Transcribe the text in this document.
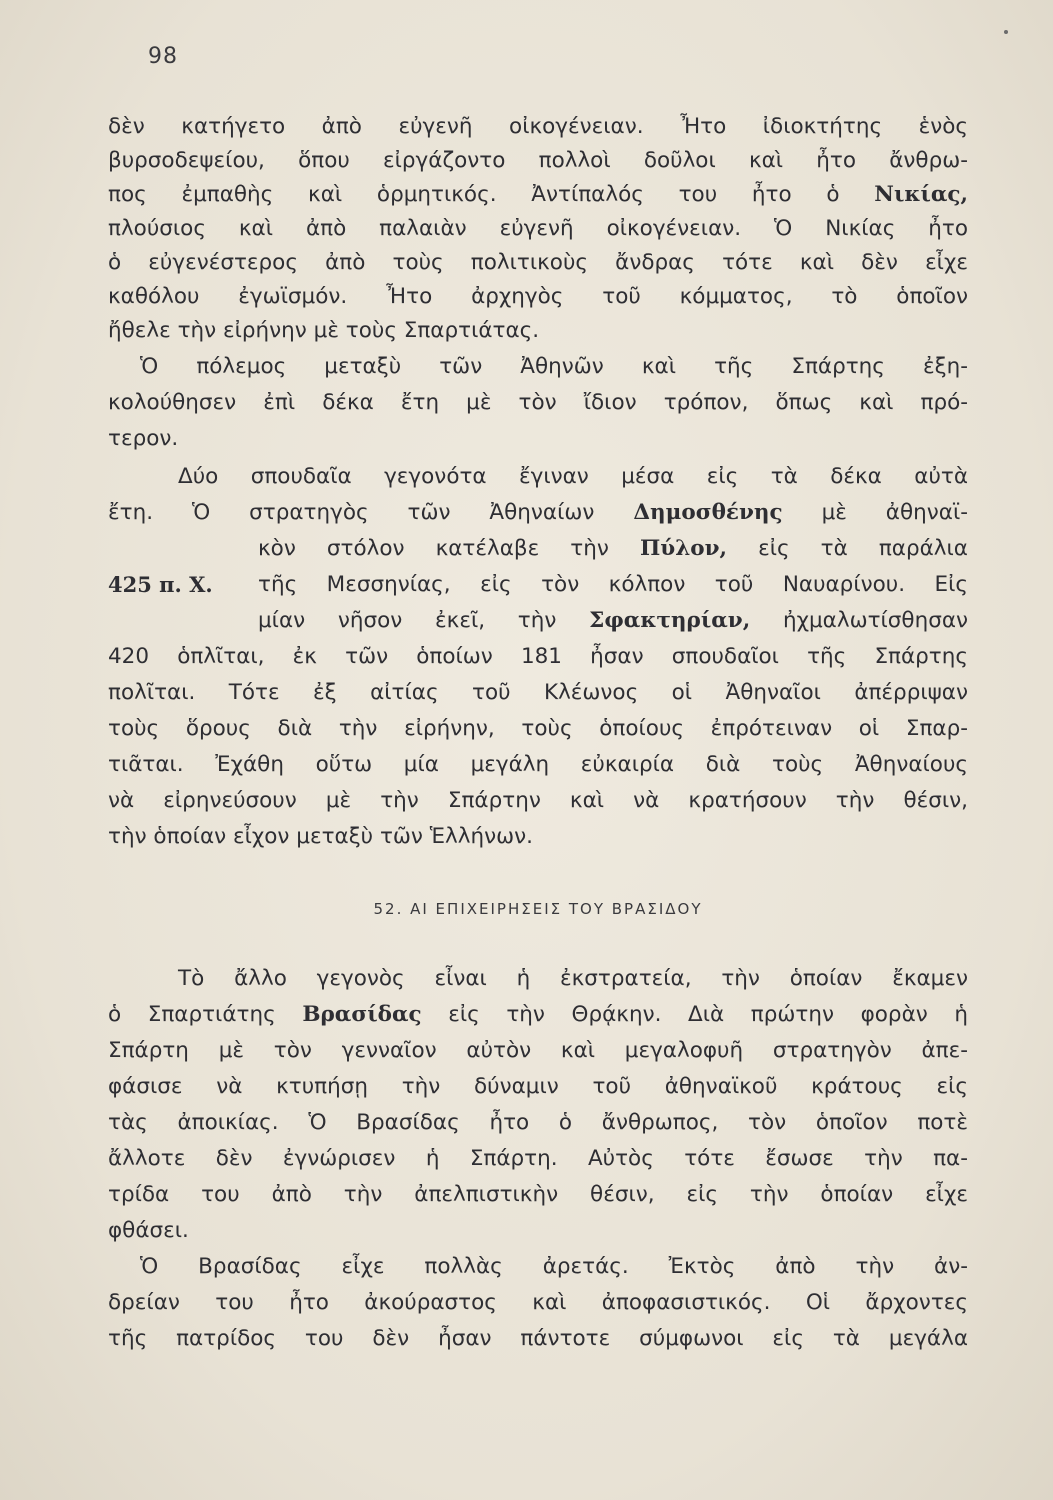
98
δὲν κατήγετο ἀπὸ εὐγενῆ οἰκογένειαν. Ἦτο ἰδιοκτήτης ἑνὸς
βυρσοδεψείου, ὅπου εἰργάζοντο πολλοὶ δοῦλοι καὶ ἦτο ἄνθρω-
πος ἐμπαθὴς καὶ ὁρμητικός. Ἀντίπαλός του ἦτο ὁ Νικίας,
πλούσιος καὶ ἀπὸ παλαιὰν εὐγενῆ οἰκογένειαν. Ὁ Νικίας ἦτο
ὁ εὐγενέστερος ἀπὸ τοὺς πολιτικοὺς ἄνδρας τότε καὶ δὲν εἶχε
καθόλου ἐγωϊσμόν. Ἦτο ἀρχηγὸς τοῦ κόμματος, τὸ ὁποῖον
ἤθελε τὴν εἰρήνην μὲ τοὺς Σπαρτιάτας.
Ὁ πόλεμος μεταξὺ τῶν Ἀθηνῶν καὶ τῆς Σπάρτης ἐξη-
κολούθησεν ἐπὶ δέκα ἔτη μὲ τὸν ἴδιον τρόπον, ὅπως καὶ πρό-
τερον.
Δύο σπουδαῖα γεγονότα ἔγιναν μέσα εἰς τὰ δέκα αὐτὰ
ἔτη. Ὁ στρατηγὸς τῶν Ἀθηναίων Δημοσθένης μὲ ἀθηναϊ-
κὸν στόλον κατέλαβε τὴν Πύλον, εἰς τὰ παράλια
425 π. Χ. τῆς Μεσσηνίας, εἰς τὸν κόλπον τοῦ Ναυαρίνου. Εἰς
μίαν νῆσον ἐκεῖ, τὴν Σφακτηρίαν, ἠχμαλωτίσθησαν
420 ὁπλῖται, ἐκ τῶν ὁποίων 181 ἦσαν σπουδαῖοι τῆς Σπάρτης
πολῖται. Τότε ἐξ αἰτίας τοῦ Κλέωνος οἱ Ἀθηναῖοι ἀπέρριψαν
τοὺς ὅρους διὰ τὴν εἰρήνην, τοὺς ὁποίους ἐπρότειναν οἱ Σπαρ-
τιᾶται. Ἐχάθη οὕτω μία μεγάλη εὐκαιρία διὰ τοὺς Ἀθηναίους
νὰ εἰρηνεύσουν μὲ τὴν Σπάρτην καὶ νὰ κρατήσουν τὴν θέσιν,
τὴν ὁποίαν εἶχον μεταξὺ τῶν Ἑλλήνων.
52. ΑΙ ΕΠΙΧΕΙΡΗΣΕΙΣ ΤΟΥ ΒΡΑΣΙΔΟΥ
Τὸ ἄλλο γεγονὸς εἶναι ἡ ἐκστρατεία, τὴν ὁποίαν ἔκαμεν
ὁ Σπαρτιάτης Βρασίδας εἰς τὴν Θρᾴκην. Διὰ πρώτην φορὰν ἡ
Σπάρτη μὲ τὸν γενναῖον αὐτὸν καὶ μεγαλοφυῆ στρατηγὸν ἀπε-
φάσισε νὰ κτυπήσῃ τὴν δύναμιν τοῦ ἀθηναϊκοῦ κράτους εἰς
τὰς ἀποικίας. Ὁ Βρασίδας ἦτο ὁ ἄνθρωπος, τὸν ὁποῖον ποτὲ
ἄλλοτε δὲν ἐγνώρισεν ἡ Σπάρτη. Αὐτὸς τότε ἔσωσε τὴν πα-
τρίδα του ἀπὸ τὴν ἀπελπιστικὴν θέσιν, εἰς τὴν ὁποίαν εἶχε
φθάσει.
Ὁ Βρασίδας εἶχε πολλὰς ἀρετάς. Ἐκτὸς ἀπὸ τὴν ἀν-
δρείαν του ἦτο ἀκούραστος καὶ ἀποφασιστικός. Οἱ ἄρχοντες
τῆς πατρίδος του δὲν ἦσαν πάντοτε σύμφωνοι εἰς τὰ μεγάλα
